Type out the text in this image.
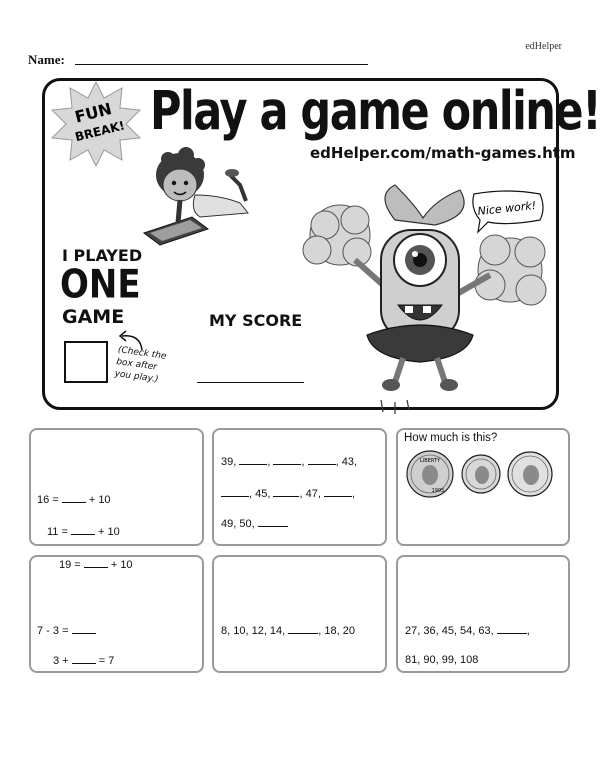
edHelper
Name:
FUN
BREAK! Play a game online!
edHelper.com/math-games.htm
Nice work!
I PLAYED
ONE
GAME
(Check the box after you play.)
MY SCORE
16 =  + 10
11 =  + 10
39,	,	,	, 43,
, 45,	, 47,	,
49, 50,
How much is this?
LIBERTY
1995
19 =  + 10
7 - 3 =
3 +  = 7
8, 10, 12, 14,	, 18, 20	27, 36, 45, 54, 63,	,
81, 90, 99, 108
